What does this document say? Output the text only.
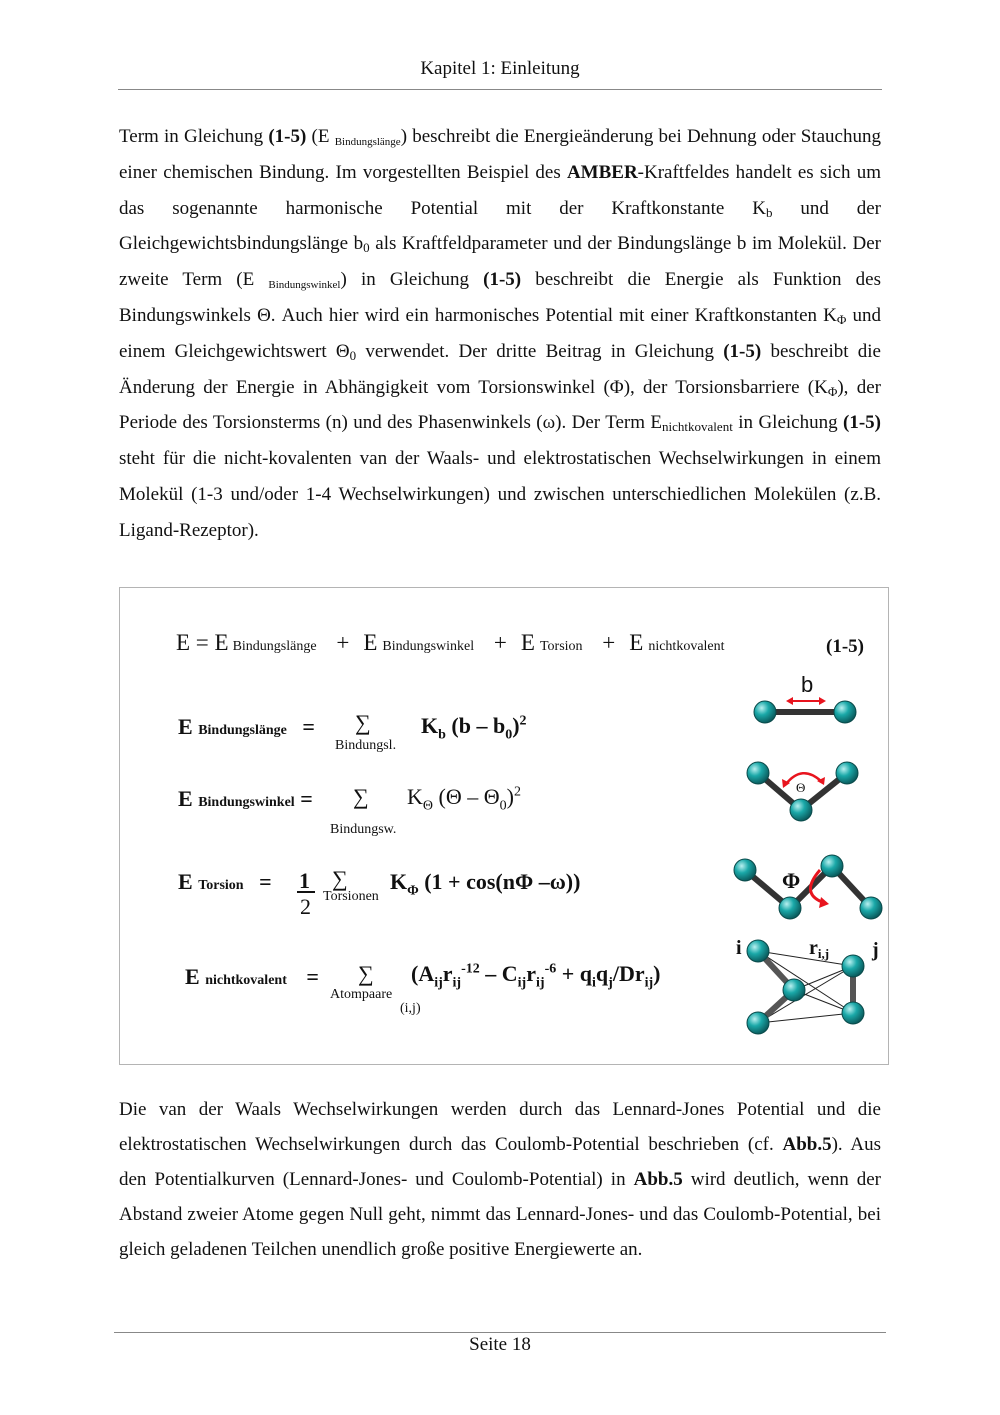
Kapitel 1: Einleitung

Term in Gleichung (1-5) (E $_{Bindungslänge}$) beschreibt die Energieänderung bei Dehnung oder Stauchung einer chemischen Bindung. Im vorgestellten Beispiel des AMBER-Kraftfeldes handelt es sich um das sogenannte harmonische Potential mit der Kraftkonstante $K_b$ und der Gleichgewichtsbindungslänge $b_0$ als Kraftfeldparameter und der Bindungslänge b im Molekül. Der zweite Term (E $_{Bindungswinkel}$) in Gleichung (1-5) beschreibt die Energie als Funktion des Bindungswinkels Θ. Auch hier wird ein harmonisches Potential mit einer Kraftkonstanten $K_\Phi$ und einem Gleichgewichtswert $\Theta_0$ verwendet. Der dritte Beitrag in Gleichung (1-5) beschreibt die Änderung der Energie in Abhängigkeit vom Torsionswinkel (Φ), der Torsionsbarriere $(K_\Phi)$, der Periode des Torsionsterms (n) und des Phasenwinkels (ω). Der Term $E_{nichtkovalent}$ in Gleichung (1-5) steht für die nicht-kovalenten van der Waals- und elektrostatischen Wechselwirkungen in einem Molekül (1-3 und/oder 1-4 Wechselwirkungen) und zwischen unterschiedlichen Molekülen (z.B. Ligand-Rezeptor).

E = E Bindungslänge + E Bindungswinkel + E Torsion + E nichtkovalent	(1-5)
E Bindungslänge = ∑
Bindungsl.
$K_b$ $(b - b_0)^2$
E Bindungswinkel = ∑
Bindungsw.
$K_\Theta$ $(\Theta - \Theta_0)^2$
E Torsion = 1
2
∑
Torsionen
$K_\Phi$ (1 + cos(nΦ –ω))
E nichtkovalent = ∑
Atompaare
(i,j)
$(A_{ij}r_{ij}^{-12} - C_{ij}r_{ij}^{-6} + q_iq_j/Dr_{ij})$
b
Θ
Φ
i	j
$r_{i,j}$

Die van der Waals Wechselwirkungen werden durch das Lennard-Jones Potential und die elektrostatischen Wechselwirkungen durch das Coulomb-Potential beschrieben (cf. Abb.5). Aus den Potentialkurven (Lennard-Jones- und Coulomb-Potential) in Abb.5 wird deutlich, wenn der Abstand zweier Atome gegen Null geht, nimmt das Lennard-Jones- und das Coulomb-Potential, bei gleich geladenen Teilchen unendlich große positive Energiewerte an.

Seite 18
